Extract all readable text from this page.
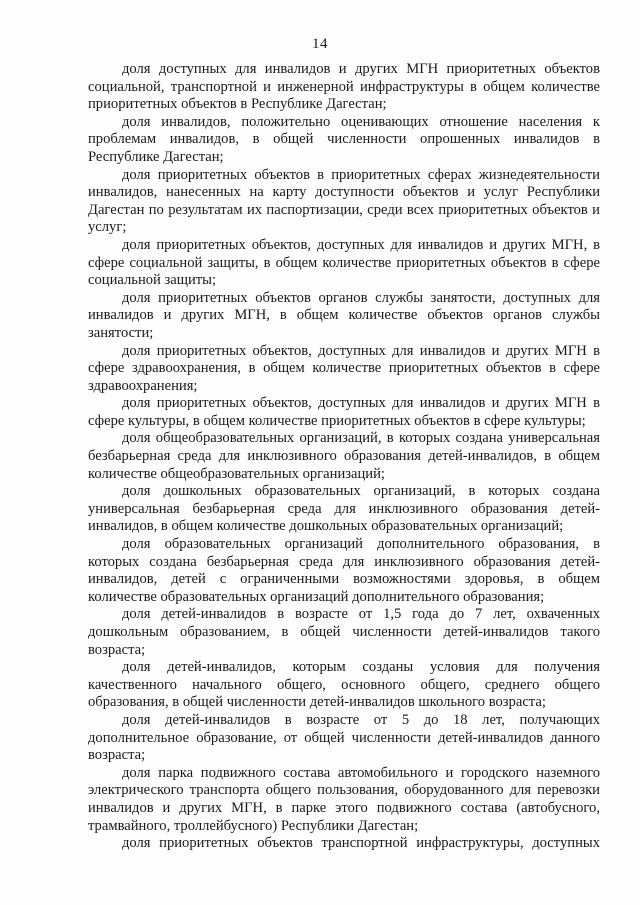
14

доля доступных для инвалидов и других МГН приоритетных объектов социальной, транспортной и инженерной инфраструктуры в общем количестве приоритетных объектов в Республике Дагестан;

доля инвалидов, положительно оценивающих отношение населения к проблемам инвалидов, в общей численности опрошенных инвалидов в Республике Дагестан;

доля приоритетных объектов в приоритетных сферах жизнедеятельности инвалидов, нанесенных на карту доступности объектов и услуг Республики Дагестан по результатам их паспортизации, среди всех приоритетных объектов и услуг;

доля приоритетных объектов, доступных для инвалидов и других МГН, в сфере социальной защиты, в общем количестве приоритетных объектов в сфере социальной защиты;

доля приоритетных объектов органов службы занятости, доступных для инвалидов и других МГН, в общем количестве объектов органов службы занятости;

доля приоритетных объектов, доступных для инвалидов и других МГН в сфере здравоохранения, в общем количестве приоритетных объектов в сфере здравоохранения;

доля приоритетных объектов, доступных для инвалидов и других МГН в сфере культуры, в общем количестве приоритетных объектов в сфере культуры;

доля общеобразовательных организаций, в которых создана универсальная безбарьерная среда для инклюзивного образования детей-инвалидов, в общем количестве общеобразовательных организаций;

доля дошкольных образовательных организаций, в которых создана универсальная безбарьерная среда для инклюзивного образования детей-инвалидов, в общем количестве дошкольных образовательных организаций;

доля образовательных организаций дополнительного образования, в которых создана безбарьерная среда для инклюзивного образования детей-инвалидов, детей с ограниченными возможностями здоровья, в общем количестве образовательных организаций дополнительного образования;

доля детей-инвалидов в возрасте от 1,5 года до 7 лет, охваченных дошкольным образованием, в общей численности детей-инвалидов такого возраста;

доля детей-инвалидов, которым созданы условия для получения качественного начального общего, основного общего, среднего общего образования, в общей численности детей-инвалидов школьного возраста;

доля детей-инвалидов в возрасте от 5 до 18 лет, получающих дополнительное образование, от общей численности детей-инвалидов данного возраста;

доля парка подвижного состава автомобильного и городского наземного электрического транспорта общего пользования, оборудованного для перевозки инвалидов и других МГН, в парке этого подвижного состава (автобусного, трамвайного, троллейбусного) Республики Дагестан;

доля приоритетных объектов транспортной инфраструктуры, доступных
